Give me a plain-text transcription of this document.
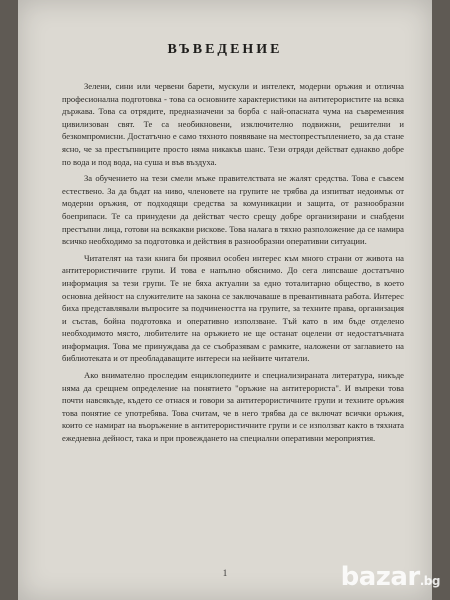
ВЪВЕДЕНИЕ

Зелени, сини или червени барети, мускули и интелект, модерни оръжия и отлична професионална подготовка - това са основните характеристики на антитерористите на всяка държава. Това са отрядите, предназначени за борба с най-опасната чума на съвременния цивилизован свят. Те са необикновени, изключително подвижни, решителни и безкомпромисни. Достатъчно е само тяхното появяване на местопрестъплението, за да стане ясно, че за престъпниците просто няма никакъв шанс. Тези отряди действат еднакво добре по вода и под вода, на суша и във въздуха.

За обучението на тези смели мъже правителствата не жалят средства. Това е съвсем естествено. За да бъдат на ниво, членовете на групите не трябва да изпитват недоимък от модерни оръжия, от подходящи средства за комуникации и защита, от разнообразни боеприпаси. Те са принудени да действат често срещу добре организирани и снабдени престъпни лица, готови на всякакви рискове. Това налага в тяхно разположение да се намира всичко необходимо за подготовка и действия в разнообразни оперативни ситуации.

Читателят на тази книга би проявил особен интерес към много страни от живота на антитерористичните групи. И това е напълно обяснимо. До сега липсваше достатъчно информация за тези групи. Те не бяха актуални за едно тоталитарно общество, в което основна дейност на служителите на закона се заключаваше в превантивната работа. Интерес биха представлявали въпросите за подчинеността на групите, за техните права, организация и състав, бойна подготовка и оперативно използване. Тъй като в им бъде отделено необходимото място, любителите на оръжието не ще останат оцелени от недостатъчната информация. Това ме принуждава да се съобразявам с рамките, наложени от заглавието на библиотеката и от преобладаващите интереси на нейните читатели.

Ако внимателно проследим енциклопедиите и специализираната литература, никъде няма да срещнем определение на понятието "оръжие на антитерориста". И въпреки това почти навсякъде, където се отнася и говори за антитерористичните групи и техните оръжия това понятие се употребява. Това считам, че в него трябва да се включат всички оръжия, които се намират на въоръжение в антитерористичните групи и се използват както в тяхната ежедневна дейност, така и при провеждането на специални оперативни мероприятия.

1	bazar.bg
